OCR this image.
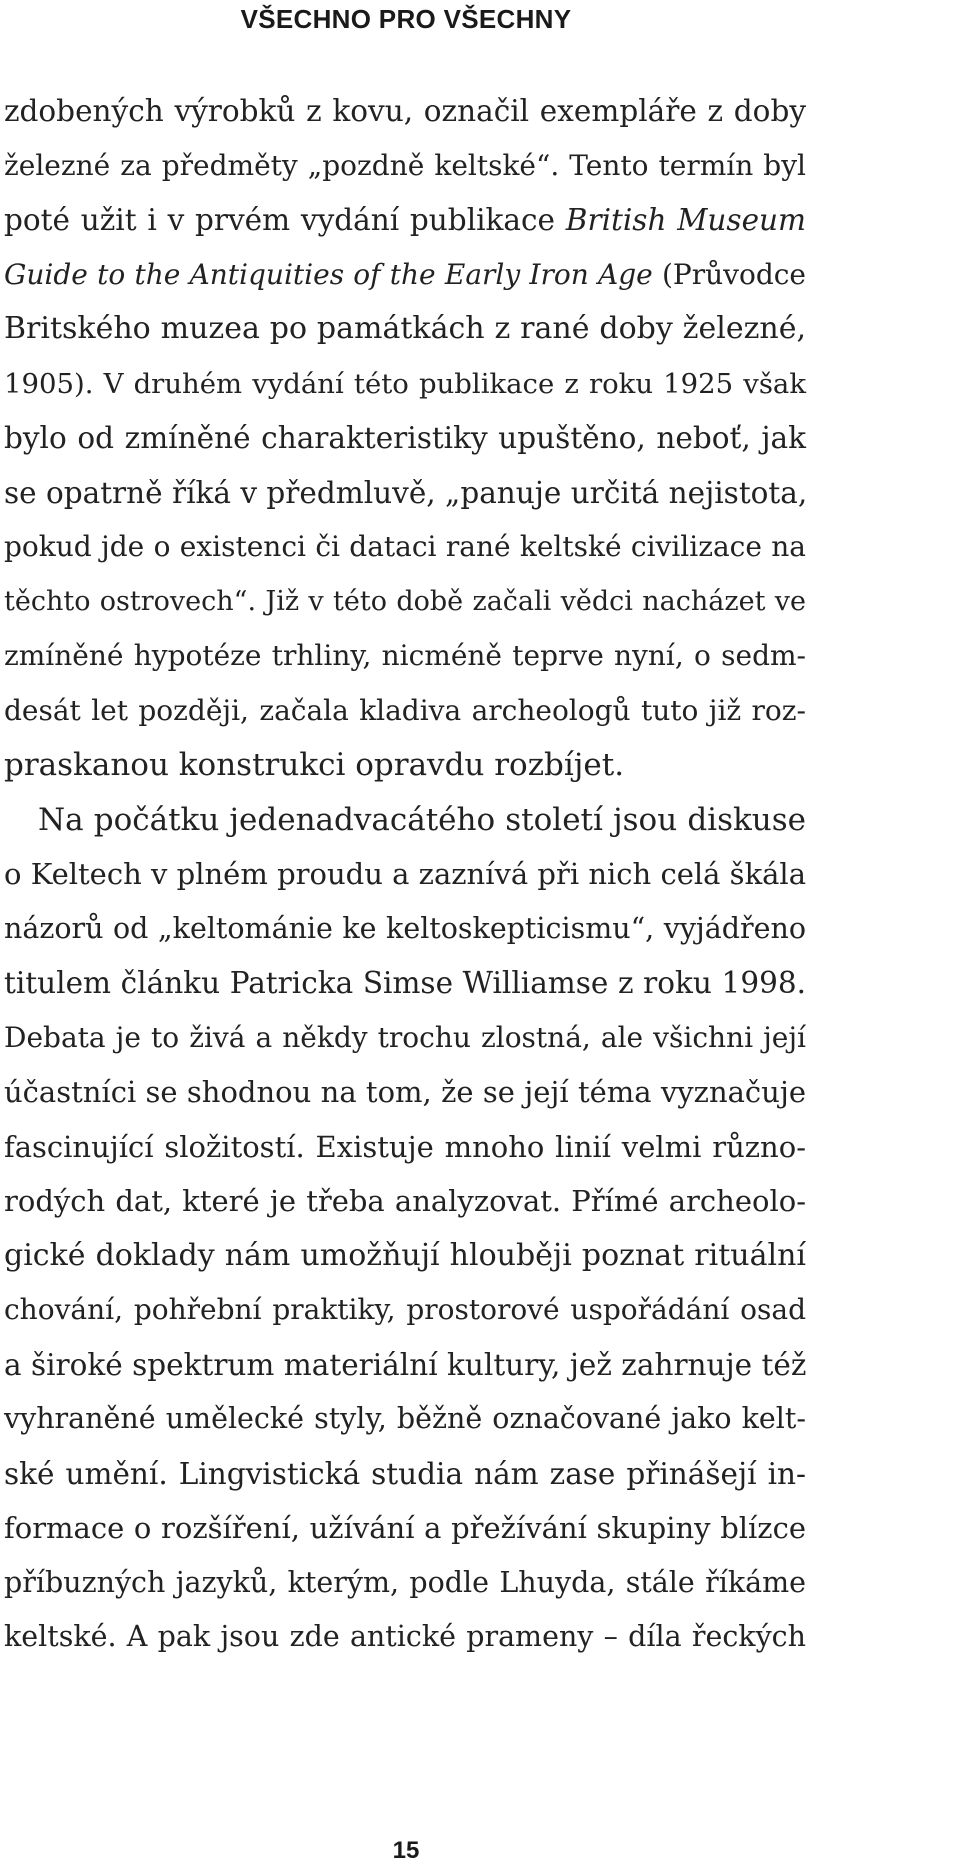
VŠECHNO PRO VŠECHNY
zdobených výrobků z kovu, označil exempláře z doby
železné za předměty „pozdně keltské“. Tento termín byl
poté užit i v prvém vydání publikace British Museum
Guide to the Antiquities of the Early Iron Age (Průvodce
Britského muzea po památkách z rané doby železné,
1905). V druhém vydání této publikace z roku 1925 však
bylo od zmíněné charakteristiky upuštěno, neboť, jak
se opatrně říká v předmluvě, „panuje určitá nejistota,
pokud jde o existenci či dataci rané keltské civilizace na
těchto ostrovech“. Již v této době začali vědci nacházet ve
zmíněné hypotéze trhliny, nicméně teprve nyní, o sedm-
desát let později, začala kladiva archeologů tuto již roz-
praskanou konstrukci opravdu rozbíjet.
Na počátku jedenadvacátého století jsou diskuse
o Keltech v plném proudu a zaznívá při nich celá škála
názorů od „keltománie ke keltoskepticismu“, vyjádřeno
titulem článku Patricka Simse Williamse z roku 1998.
Debata je to živá a někdy trochu zlostná, ale všichni její
účastníci se shodnou na tom, že se její téma vyznačuje
fascinující složitostí. Existuje mnoho linií velmi různo-
rodých dat, které je třeba analyzovat. Přímé archeolo-
gické doklady nám umožňují hlouběji poznat rituální
chování, pohřební praktiky, prostorové uspořádání osad
a široké spektrum materiální kultury, jež zahrnuje též
vyhraněné umělecké styly, běžně označované jako kelt-
ské umění. Lingvistická studia nám zase přinášejí in-
formace o rozšíření, užívání a přežívání skupiny blízce
příbuzných jazyků, kterým, podle Lhuyda, stále říkáme
keltské. A pak jsou zde antické prameny – díla řeckých
15
